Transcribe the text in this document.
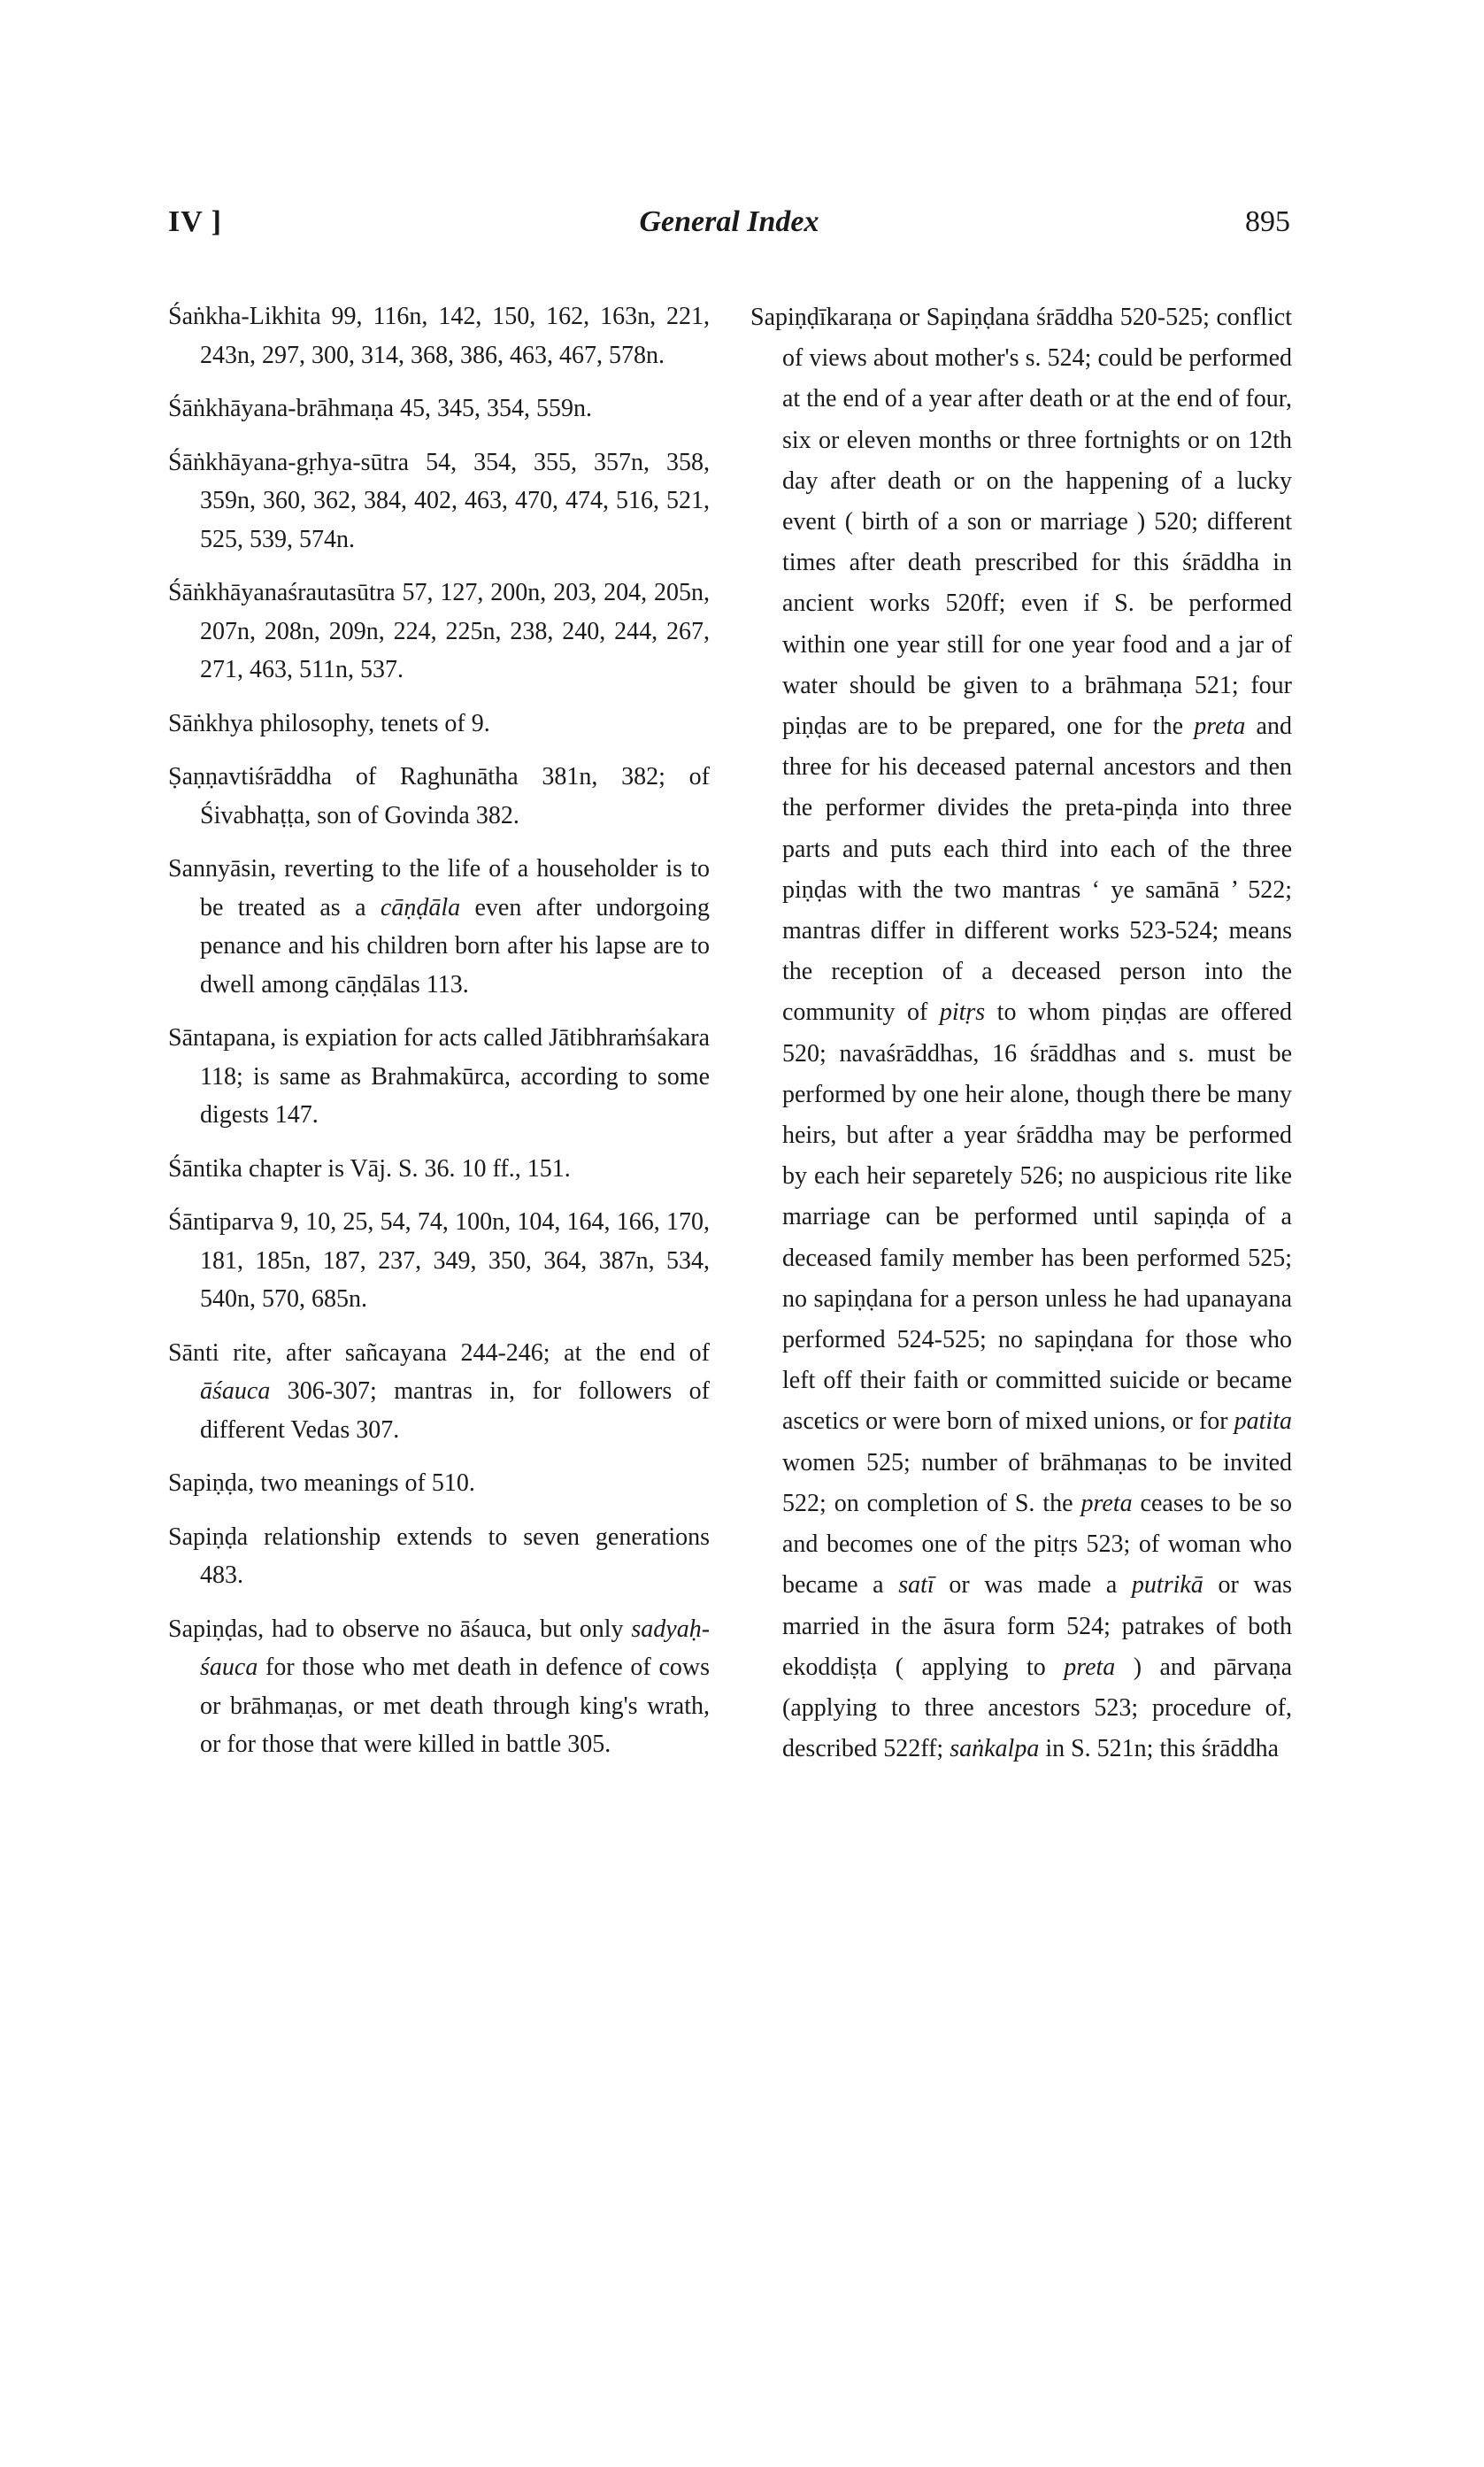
IV ]	General Index	895

Śaṅkha-Likhita 99, 116n, 142, 150, 162, 163n, 221, 243n, 297, 300, 314, 368, 386, 463, 467, 578n.

Śāṅkhāyana-brāhmaṇa 45, 345, 354, 559n.

Śāṅkhāyana-gṛhya-sūtra 54, 354, 355, 357n, 358, 359n, 360, 362, 384, 402, 463, 470, 474, 516, 521, 525, 539, 574n.

Śāṅkhāyanaśrautasūtra 57, 127, 200n, 203, 204, 205n, 207n, 208n, 209n, 224, 225n, 238, 240, 244, 267, 271, 463, 511n, 537.

Sāṅkhya philosophy, tenets of 9.

Ṣaṇṇavtiśrāddha of Raghunātha 381n, 382; of Śivabhaṭṭa, son of Govinda 382.

Sannyāsin, reverting to the life of a householder is to be treated as a cāṇḍāla even after undorgoing penance and his children born after his lapse are to dwell among cāṇḍālas 113.

Sāntapana, is expiation for acts called Jātibhraṁśakara 118; is same as Brahmakūrca, according to some digests 147.

Śāntika chapter is Vāj. S. 36. 10 ff., 151.

Śāntiparva 9, 10, 25, 54, 74, 100n, 104, 164, 166, 170, 181, 185n, 187, 237, 349, 350, 364, 387n, 534, 540n, 570, 685n.

Sānti rite, after sañcayana 244-246; at the end of āśauca 306-307; mantras in, for followers of different Vedas 307.

Sapiṇḍa, two meanings of 510.

Sapiṇḍa relationship extends to seven generations 483.

Sapiṇḍas, had to observe no āśauca, but only sadyaḥ-śauca for those who met death in defence of cows or brāhmaṇas, or met death through king's wrath, or for those that were killed in battle 305.

Sapiṇḍīkaraṇa or Sapiṇḍana śrāddha 520-525; conflict of views about mother's s. 524; could be performed at the end of a year after death or at the end of four, six or eleven months or three fortnights or on 12th day after death or on the happening of a lucky event ( birth of a son or marriage ) 520; different times after death prescribed for this śrāddha in ancient works 520ff; even if S. be performed within one year still for one year food and a jar of water should be given to a brāhmaṇa 521; four piṇḍas are to be prepared, one for the preta and three for his deceased paternal ancestors and then the performer divides the preta-piṇḍa into three parts and puts each third into each of the three piṇḍas with the two mantras ‘ ye samānā ’ 522; mantras differ in different works 523-524; means the reception of a deceased person into the community of pitṛs to whom piṇḍas are offered 520; navaśrāddhas, 16 śrāddhas and s. must be performed by one heir alone, though there be many heirs, but after a year śrāddha may be performed by each heir separetely 526; no auspicious rite like marriage can be performed until sapiṇḍa of a deceased family member has been performed 525; no sapiṇḍana for a person unless he had upanayana performed 524-525; no sapiṇḍana for those who left off their faith or committed suicide or became ascetics or were born of mixed unions, or for patita women 525; number of brāhmaṇas to be invited 522; on completion of S. the preta ceases to be so and becomes one of the pitṛs 523; of woman who became a satī or was made a putrikā or was married in the āsura form 524; patrakes of both ekoddiṣṭa ( applying to preta ) and pārvaṇa (applying to three ancestors 523; procedure of, described 522ff; saṅkalpa in S. 521n; this śrāddha
